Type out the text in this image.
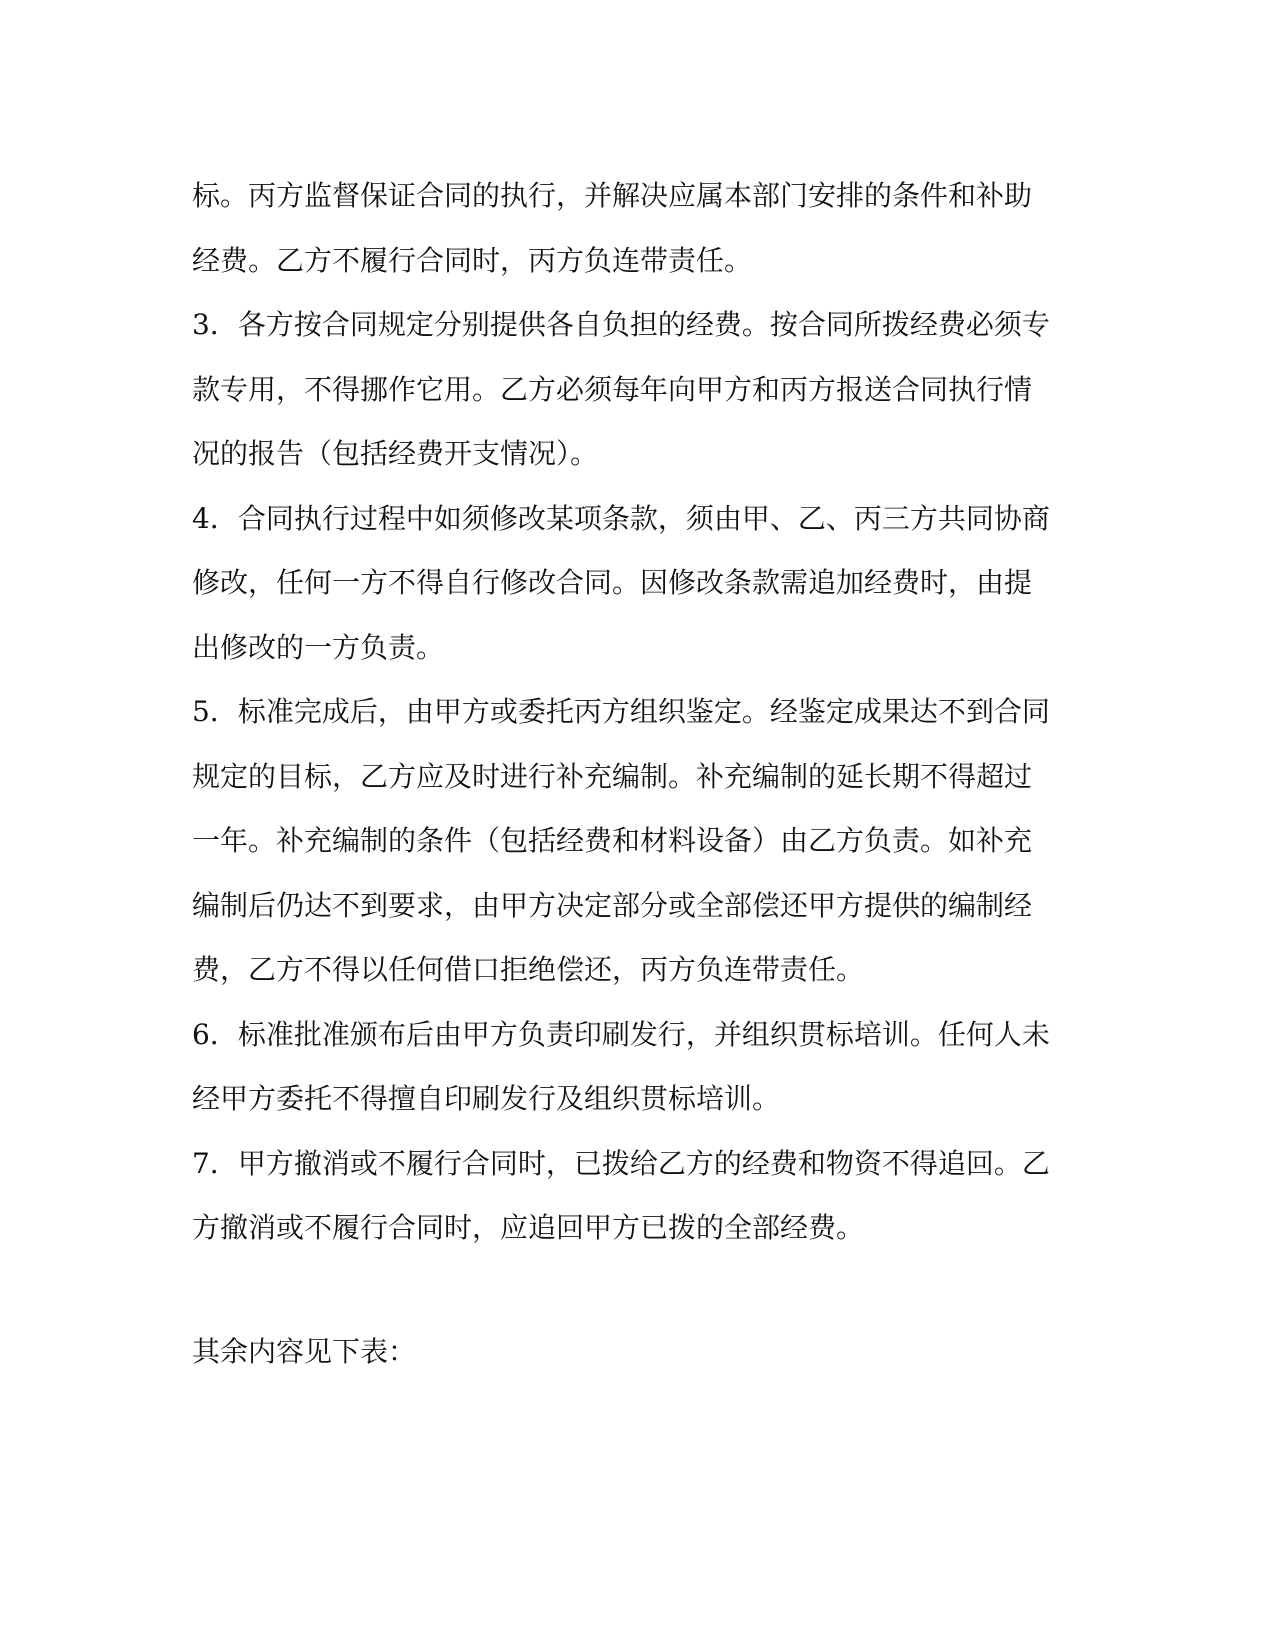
标。丙方监督保证合同的执行，并解决应属本部门安排的条件和补助
经费。乙方不履行合同时，丙方负连带责任。

3．各方按合同规定分别提供各自负担的经费。按合同所拨经费必须专
款专用，不得挪作它用。乙方必须每年向甲方和丙方报送合同执行情
况的报告（包括经费开支情况）。

4．合同执行过程中如须修改某项条款，须由甲、乙、丙三方共同协商
修改，任何一方不得自行修改合同。因修改条款需追加经费时，由提
出修改的一方负责。

5．标准完成后，由甲方或委托丙方组织鉴定。经鉴定成果达不到合同
规定的目标，乙方应及时进行补充编制。补充编制的延长期不得超过
一年。补充编制的条件（包括经费和材料设备）由乙方负责。如补充
编制后仍达不到要求，由甲方决定部分或全部偿还甲方提供的编制经
费，乙方不得以任何借口拒绝偿还，丙方负连带责任。

6．标准批准颁布后由甲方负责印刷发行，并组织贯标培训。任何人未
经甲方委托不得擅自印刷发行及组织贯标培训。

7．甲方撤消或不履行合同时，已拨给乙方的经费和物资不得追回。乙
方撤消或不履行合同时，应追回甲方已拨的全部经费。

其余内容见下表：
